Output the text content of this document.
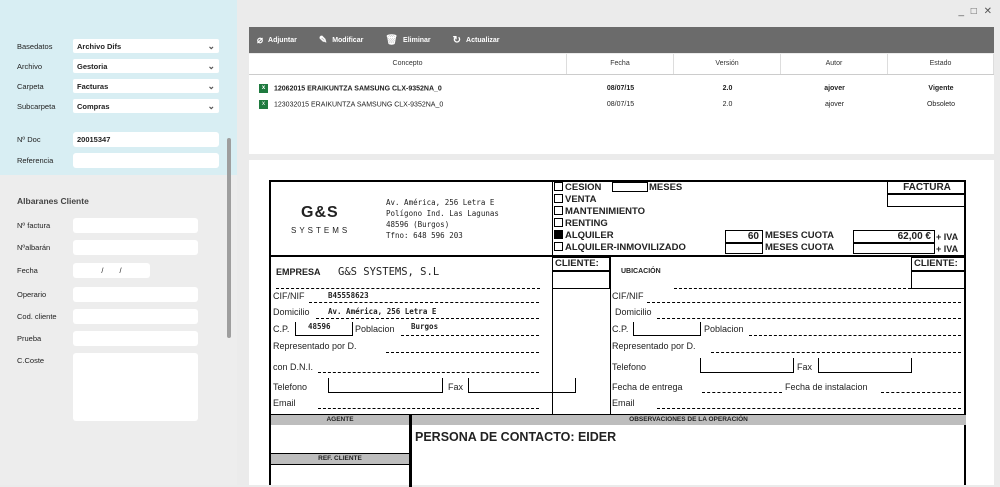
Basedatos	Archivo Difs	⌄
Archivo	Gestoria	⌄
Carpeta	Facturas	⌄
Subcarpeta	Compras	⌄
Nº Doc	20015347
Referencia
Albaranes Cliente
Nº factura
Nºalbarán
Fecha	/ /
Operario
Cod. cliente
Prueba
C.Coste
_ □ ✕
⌀ Adjuntar ✎ Modificar 🗑 Eliminar ↻ Actualizar
Concepto	Fecha	Versión	Autor	Estado
x 12062015 ERAIKUNTZA SAMSUNG CLX-9352NA_0	08/07/15	2.0	ajover	Vigente
x 123032015 ERAIKUNTZA SAMSUNG CLX-9352NA_0	08/07/15	2.0	ajover	Obsoleto
G&S
SYSTEMS
Av. América, 256 Letra E
Polígono Ind. Las Lagunas
48596 (Burgos)
Tfno: 648 596 203
CESION
VENTA
MANTENIMIENTO
RENTING
ALQUILER
ALQUILER-INMOVILIZADO
MESES
60 MESES CUOTA
MESES CUOTA
62,00 € + IVA
+ IVA
FACTURA
CLIENTE:	CLIENTE:
EMPRESA G&S SYSTEMS, S.L
CIF/NIF	B45558623
Domicilio Av. América, 256 Letra E
C.P.	48596	Poblacion Burgos
Representado por D.
con D.N.I.
Telefono	Fax
Email
UBICACIÓN
CIF/NIF
Domicilio
C.P.	Poblacion
Representado por D.
Telefono	Fax
Fecha de entrega	Fecha de instalacion
Email
AGENTE	OBSERVACIONES DE LA OPERACIÓN
PERSONA DE CONTACTO: EIDER
REF. CLIENTE
